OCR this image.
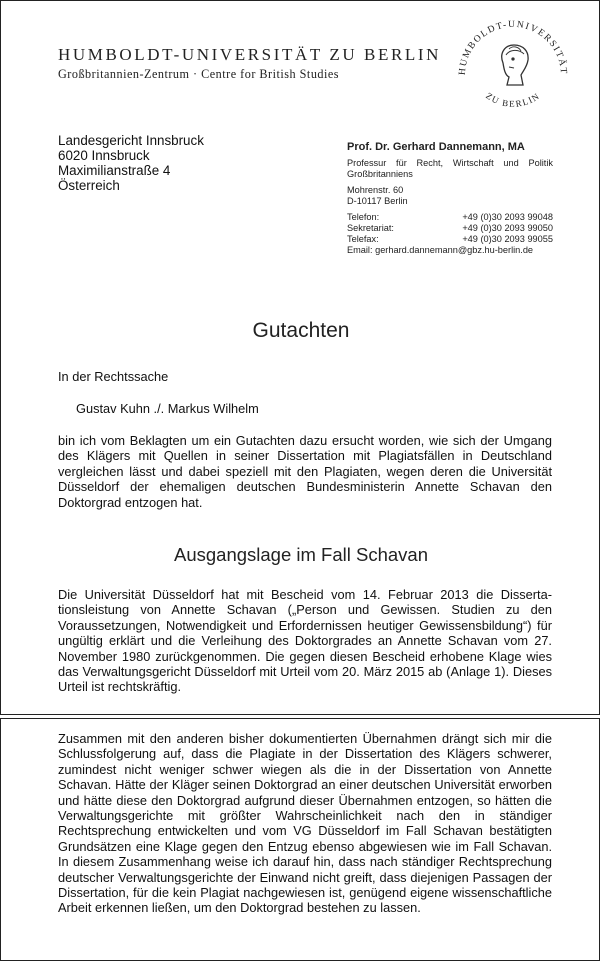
HUMBOLDT-UNIVERSITÄT ZU BERLIN
Großbritannien-Zentrum · Centre for British Studies	HUMBOLDT-UNIVERSITÄT
ZU BERLIN
Landesgericht Innsbruck
6020 Innsbruck
Maximilianstraße 4
Österreich
Prof. Dr. Gerhard Dannemann, MA
Professur für Recht, Wirtschaft und Politik Großbritanniens
Mohrenstr. 60
D-10117 Berlin
Telefon:	+49 (0)30 2093 99048
Sekretariat:	+49 (0)30 2093 99050
Telefax:	+49 (0)30 2093 99055
Email: gerhard.dannemann@gbz.hu-berlin.de
Gutachten
In der Rechtssache
Gustav Kuhn ./. Markus Wilhelm
bin ich vom Beklagten um ein Gutachten dazu ersucht worden, wie sich der Umgang des Klägers mit Quellen in seiner Dissertation mit Plagiatsfällen in Deutschland vergleichen lässt und dabei speziell mit den Plagiaten, wegen deren die Universität Düsseldorf der ehemaligen deutschen Bundesministerin Annette Schavan den Doktorgrad entzogen hat.
Ausgangslage im Fall Schavan
Die Universität Düsseldorf hat mit Bescheid vom 14. Februar 2013 die Dissertationsleistung von Annette Schavan („Person und Gewissen. Studien zu den Voraussetzungen, Notwendigkeit und Erfordernissen heutiger Gewissensbildung“) für ungültig erklärt und die Verleihung des Doktorgrades an Annette Schavan vom 27. November 1980 zurückgenommen. Die gegen diesen Bescheid erhobene Klage wies das Verwaltungsgericht Düsseldorf mit Urteil vom 20. März 2015 ab (Anlage 1). Dieses Urteil ist rechtskräftig.
Zusammen mit den anderen bisher dokumentierten Übernahmen drängt sich mir die Schlussfolgerung auf, dass die Plagiate in der Dissertation des Klägers schwerer, zumindest nicht weniger schwer wiegen als die in der Dissertation von Annette Schavan. Hätte der Kläger seinen Doktorgrad an einer deutschen Universität erworben und hätte diese den Doktorgrad aufgrund dieser Übernahmen entzogen, so hätten die Verwaltungsgerichte mit größter Wahrscheinlichkeit nach den in ständiger Rechtsprechung entwickelten und vom VG Düsseldorf im Fall Schavan bestätigten Grundsätzen eine Klage gegen den Entzug ebenso abgewiesen wie im Fall Schavan. In diesem Zusammenhang weise ich darauf hin, dass nach ständiger Rechtsprechung deutscher Verwaltungsgerichte der Einwand nicht greift, dass diejenigen Passagen der Dissertation, für die kein Plagiat nachgewiesen ist, genügend eigene wissenschaftliche Arbeit erkennen ließen, um den Doktorgrad bestehen zu lassen.
